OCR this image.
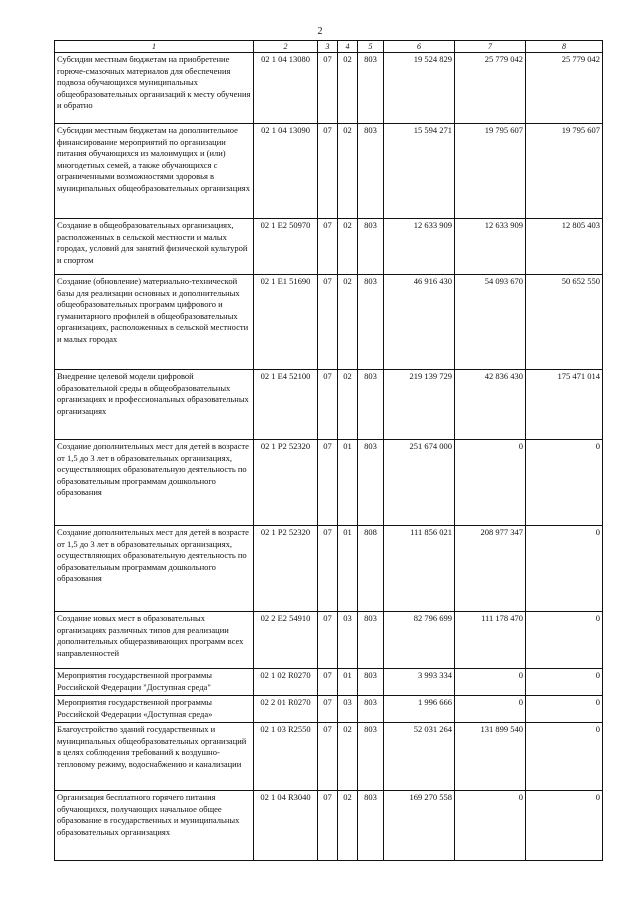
2
1	2	3	4	5	6	7	8
Субсидии местным бюджетам на приобретение горюче-смазочных материалов для обеспечения подвоза обучающихся муниципальных общеобразовательных организаций к месту обучения и обратно	02 1 04 13080	07	02	803	19 524 829	25 779 042	25 779 042
Субсидии местным бюджетам на дополнительное финансирование мероприятий по организации питания обучающихся из малоимущих и (или) многодетных семей, а также обучающихся с ограниченными возможностями здоровья в муниципальных общеобразовательных организациях	02 1 04 13090	07	02	803	15 594 271	19 795 607	19 795 607
Создание в общеобразовательных организациях, расположенных в сельской местности и малых городах, условий для занятий физической культурой и спортом	02 1 E2 50970	07	02	803	12 633 909	12 633 909	12 805 403
Создание (обновление) материально-технической базы для реализации основных и дополнительных общеобразовательных программ цифрового и гуманитарного профилей в общеобразовательных организациях, расположенных в сельской местности и малых городах	02 1 E1 51690	07	02	803	46 916 430	54 093 670	50 652 550
Внедрение целевой модели цифровой образовательной среды в общеобразовательных организациях и профессиональных образовательных организациях	02 1 E4 52100	07	02	803	219 139 729	42 836 430	175 471 014
Создание дополнительных мест для детей в возрасте от 1,5 до 3 лет в образовательных организациях, осуществляющих образовательную деятельность по образовательным программам дошкольного образования	02 1 P2 52320	07	01	803	251 674 000	0	0
Создание дополнительных мест для детей в возрасте от 1,5 до 3 лет в образовательных организациях, осуществляющих образовательную деятельность по образовательным программам дошкольного образования	02 1 P2 52320	07	01	808	111 856 021	208 977 347	0
Создание новых мест в образовательных организациях различных типов для реализации дополнительных общеразвивающих программ всех направленностей	02 2 E2 54910	07	03	803	82 796 699	111 178 470	0
Мероприятия государственной программы Российской Федерации "Доступная среда"	02 1 02 R0270	07	01	803	3 993 334	0	0
Мероприятия государственной программы Российской Федерации «Доступная среда»	02 2 01 R0270	07	03	803	1 996 666	0	0
Благоустройство зданий государственных и муниципальных общеобразовательных организаций в целях соблюдения требований к воздушно-тепловому режиму, водоснабжению и канализации	02 1 03 R2550	07	02	803	52 031 264	131 899 540	0
Организация бесплатного горячего питания обучающихся, получающих начальное общее образование в государственных и муниципальных образовательных организациях	02 1 04 R3040	07	02	803	169 270 558	0	0
